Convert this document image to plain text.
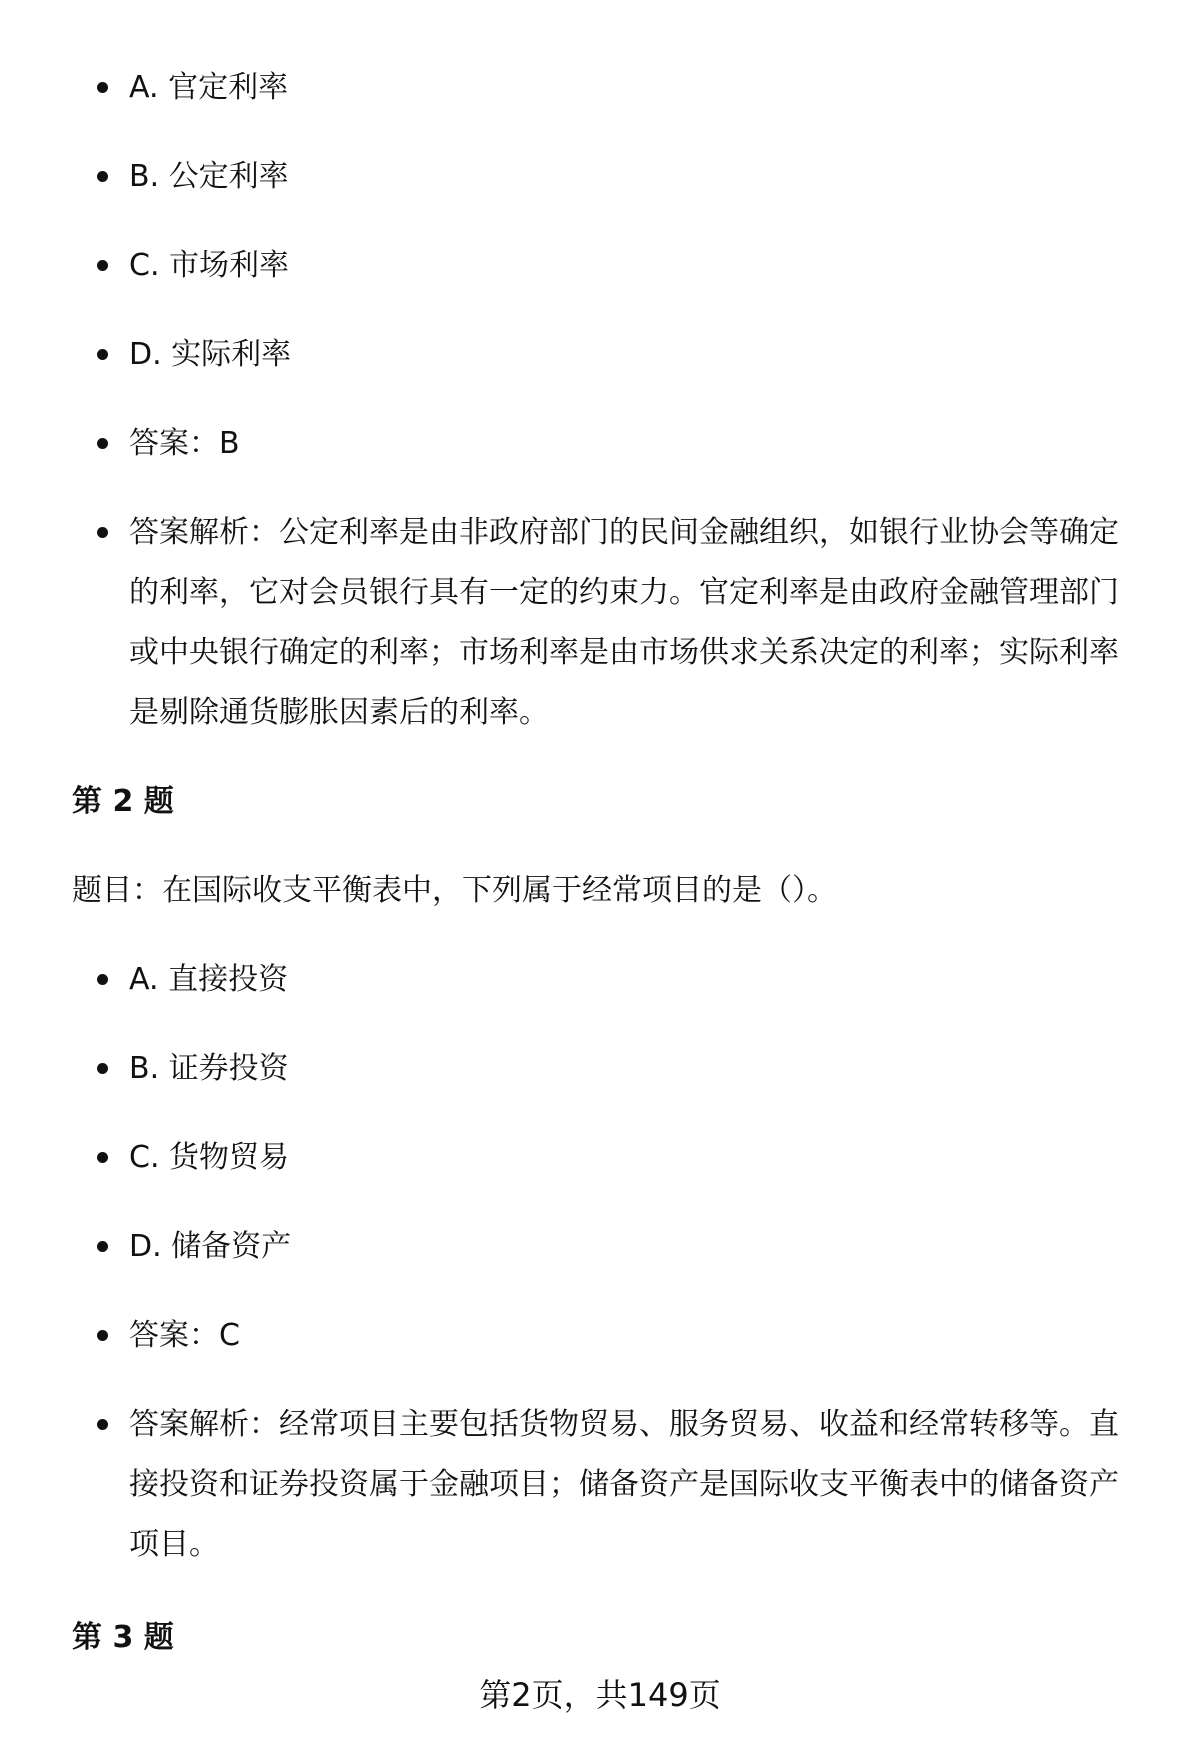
A. 官定利率
B. 公定利率
C. 市场利率
D. 实际利率
答案：B
答案解析：公定利率是由非政府部门的民间金融组织，如银行业协会等确定的利率，它对会员银行具有一定的约束力。官定利率是由政府金融管理部门或中央银行确定的利率；市场利率是由市场供求关系决定的利率；实际利率是剔除通货膨胀因素后的利率。
第 2 题
题目：在国际收支平衡表中，下列属于经常项目的是（）。
A. 直接投资
B. 证券投资
C. 货物贸易
D. 储备资产
答案：C
答案解析：经常项目主要包括货物贸易、服务贸易、收益和经常转移等。直接投资和证券投资属于金融项目；储备资产是国际收支平衡表中的储备资产项目。
第 3 题
第2页，共149页
